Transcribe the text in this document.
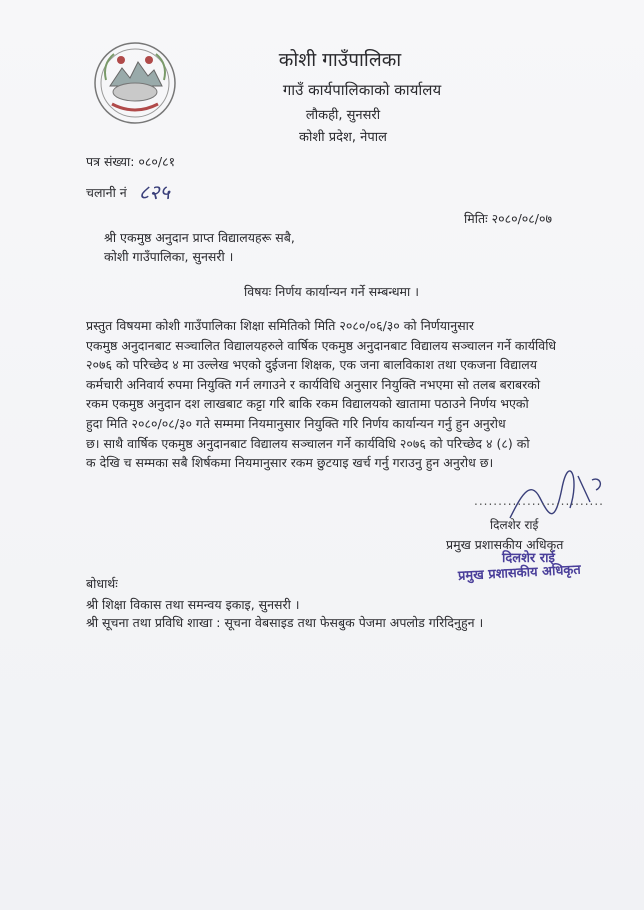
कोशी गाउँपालिका
गाउँ कार्यपालिकाको कार्यालय
लौकही, सुनसरी
कोशी प्रदेश, नेपाल
पत्र संख्या: ०८०/८१
चलानी नं ८२५
मितिः २०८०/०८/०७
श्री एकमुष्ठ अनुदान प्राप्त विद्यालयहरू सबै,
कोशी गाउँपालिका, सुनसरी ।
विषयः निर्णय कार्यान्यन गर्ने सम्बन्धमा ।
प्रस्तुत विषयमा कोशी गाउँपालिका शिक्षा समितिको मिति २०८०/०६/३० को निर्णयानुसार
एकमुष्ठ अनुदानबाट सञ्चालित विद्यालयहरुले वार्षिक एकमुष्ठ अनुदानबाट विद्यालय सञ्चालन गर्ने कार्यविधि
२०७६ को परिच्छेद ४ मा उल्लेख भएको दुईजना शिक्षक, एक जना बालविकाश तथा एकजना विद्यालय
कर्मचारी अनिवार्य रुपमा नियुक्ति गर्न लगाउने र कार्यविधि अनुसार नियुक्ति नभएमा सो तलब बराबरको
रकम एकमुष्ठ अनुदान दश लाखबाट कट्टा गरि बाकि रकम विद्यालयको खातामा पठाउने निर्णय भएको
हुदा मिति २०८०/०८/३० गते सम्ममा नियमानुसार नियुक्ति गरि निर्णय कार्यान्यन गर्नु हुन अनुरोध
छ। साथै वार्षिक एकमुष्ठ अनुदानबाट विद्यालय सञ्चालन गर्ने कार्यविधि २०७६ को परिच्छेद ४ (८) को
क देखि च सम्मका सबै शिर्षकमा नियमानुसार रकम छुटयाइ खर्च गर्नु गराउनु हुन अनुरोध छ।
...........................
दिलशेर राई
प्रमुख प्रशासकीय अधिकृत
दिलशेर राई
प्रमुख प्रशासकीय अधिकृत
बोधार्थः
श्री शिक्षा विकास तथा समन्वय इकाइ, सुनसरी ।
श्री सूचना तथा प्रविधि शाखा : सूचना वेबसाइड तथा फेसबुक पेजमा अपलोड गरिदिनुहुन ।
